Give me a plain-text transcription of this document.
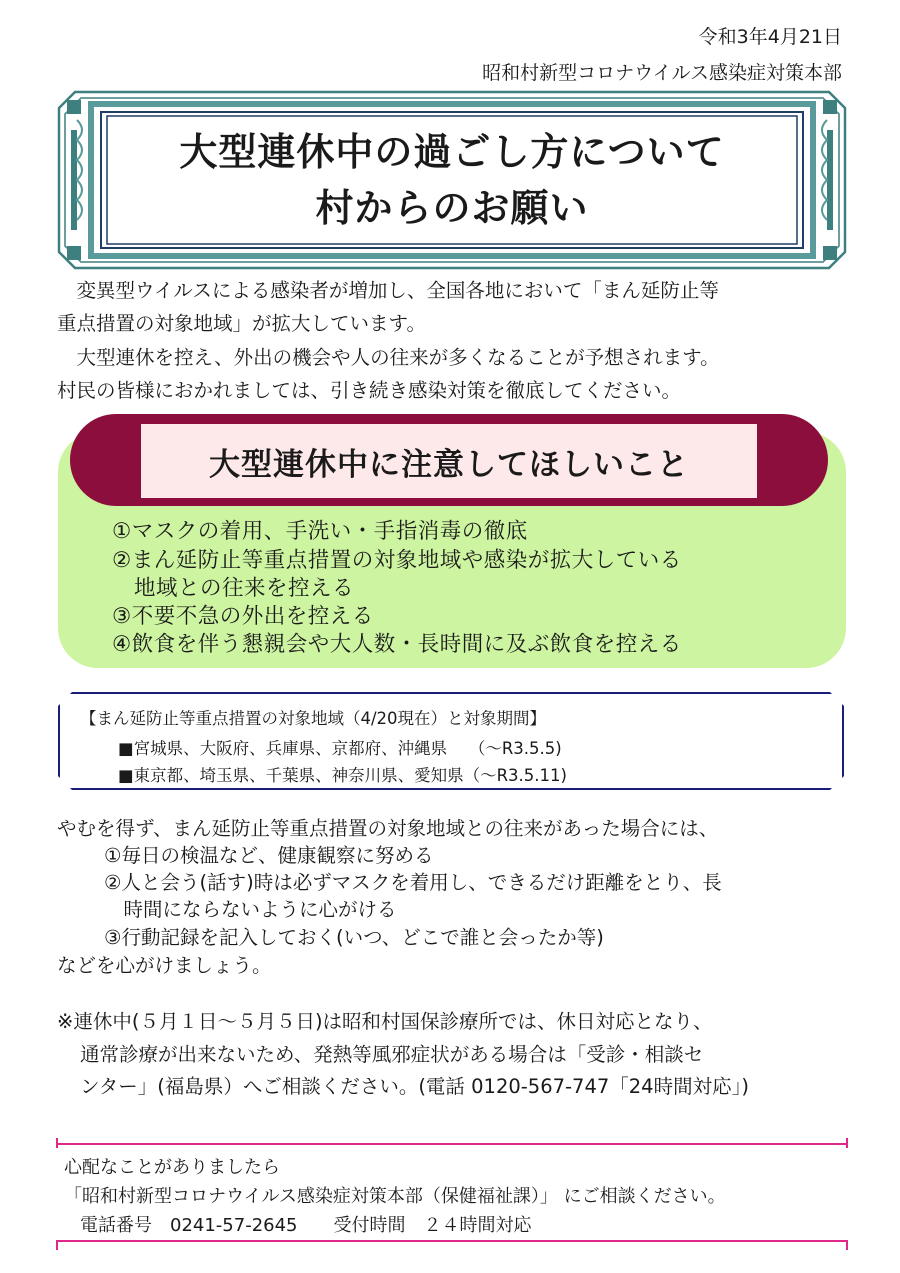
令和3年4月21日
昭和村新型コロナウイルス感染症対策本部
大型連休中の過ごし方について
村からのお願い
　変異型ウイルスによる感染者が増加し、全国各地において「まん延防止等
重点措置の対象地域」が拡大しています。
　大型連休を控え、外出の機会や人の往来が多くなることが予想されます。
村民の皆様におかれましては、引き続き感染対策を徹底してください。
大型連休中に注意してほしいこと
①マスクの着用、手洗い・手指消毒の徹底
②まん延防止等重点措置の対象地域や感染が拡大している
　地域との往来を控える
③不要不急の外出を控える
④飲食を伴う懇親会や大人数・長時間に及ぶ飲食を控える
【まん延防止等重点措置の対象地域（4/20現在）と対象期間】
■宮城県、大阪府、兵庫県、京都府、沖縄県　 （～R3.5.5)
■東京都、埼玉県、千葉県、神奈川県、愛知県（～R3.5.11)
やむを得ず、まん延防止等重点措置の対象地域との往来があった場合には、
①毎日の検温など、健康観察に努める
②人と会う(話す)時は必ずマスクを着用し、できるだけ距離をとり、長
　時間にならないように心がける
③行動記録を記入しておく(いつ、どこで誰と会ったか等)
などを心がけましょう。
※連休中(５月１日～５月５日)は昭和村国保診療所では、休日対応となり、
通常診療が出来ないため、発熱等風邪症状がある場合は「受診・相談セ
ンター」(福島県）へご相談ください。(電話 0120-567-747「24時間対応」)
心配なことがありましたら
「昭和村新型コロナウイルス感染症対策本部（保健福祉課）」 にご相談ください。
電話番号　0241-57-2645　　受付時間　２４時間対応
